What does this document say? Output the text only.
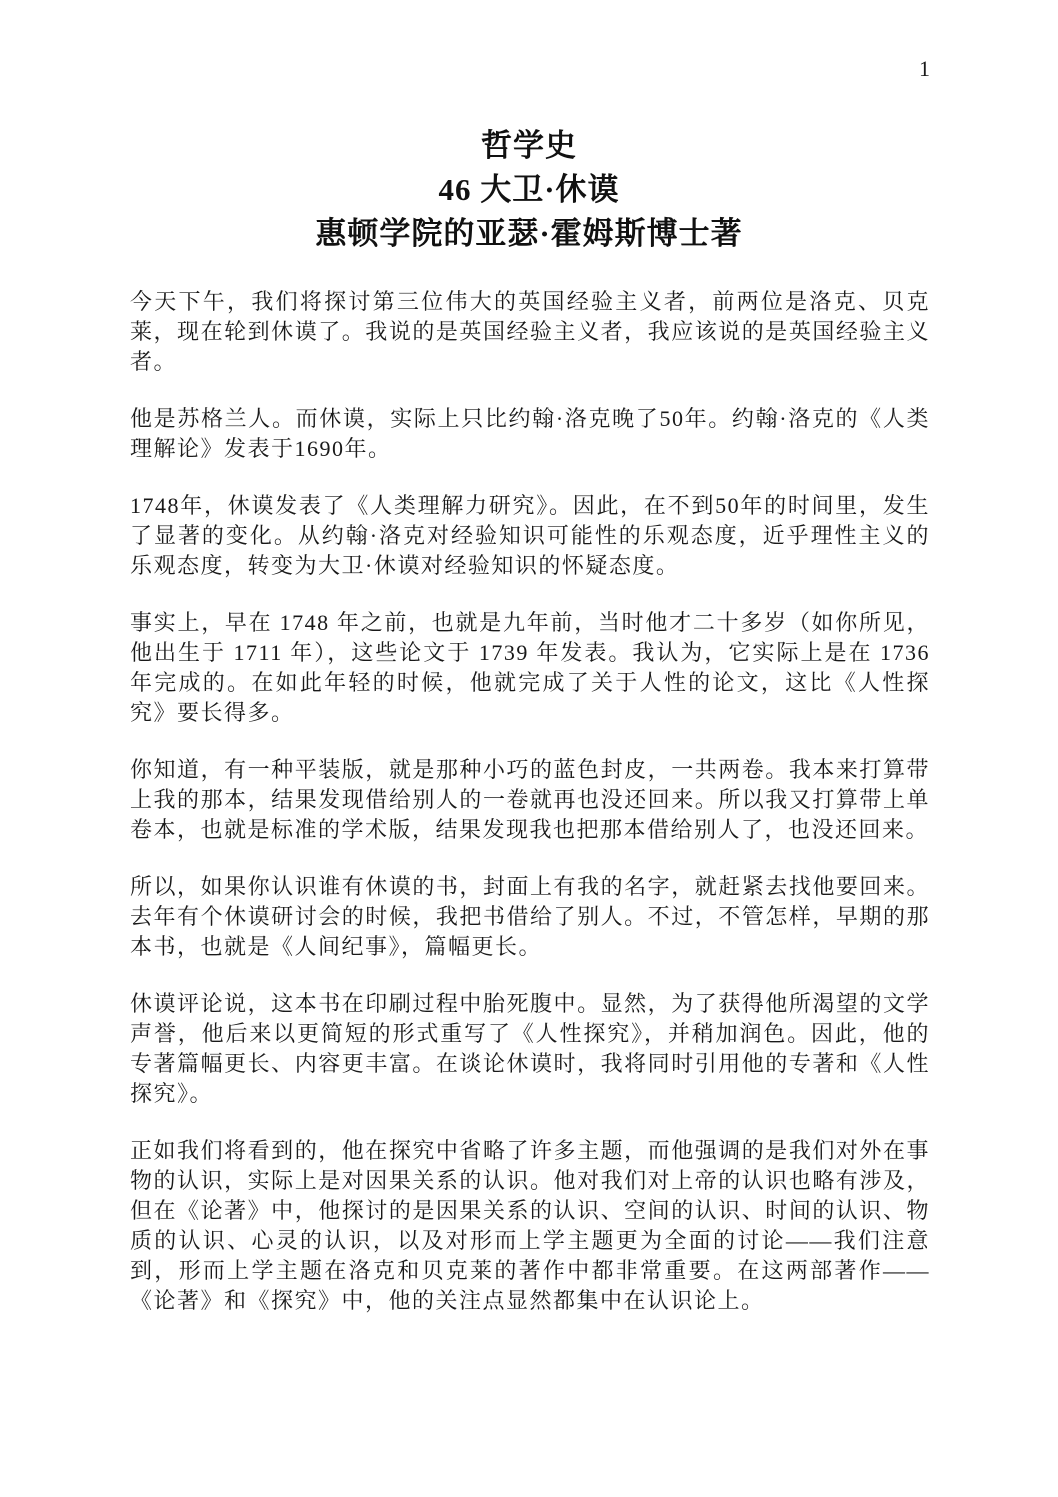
1
哲学史
46 大卫·休谟
惠顿学院的亚瑟·霍姆斯博士著

今天下午，我们将探讨第三位伟大的英国经验主义者，前两位是洛克、贝克莱，现在轮到休谟了。我说的是英国经验主义者，我应该说的是英国经验主义者。

他是苏格兰人。而休谟，实际上只比约翰·洛克晚了50年。约翰·洛克的《人类理解论》发表于1690年。

1748年，休谟发表了《人类理解力研究》。因此，在不到50年的时间里，发生了显著的变化。从约翰·洛克对经验知识可能性的乐观态度，近乎理性主义的乐观态度，转变为大卫·休谟对经验知识的怀疑态度。

事实上，早在 1748 年之前，也就是九年前，当时他才二十多岁（如你所见，他出生于 1711 年），这些论文于 1739 年发表。我认为，它实际上是在 1736 年完成的。在如此年轻的时候，他就完成了关于人性的论文，这比《人性探究》要长得多。

你知道，有一种平装版，就是那种小巧的蓝色封皮，一共两卷。我本来打算带上我的那本，结果发现借给别人的一卷就再也没还回来。所以我又打算带上单卷本，也就是标准的学术版，结果发现我也把那本借给别人了，也没还回来。

所以，如果你认识谁有休谟的书，封面上有我的名字，就赶紧去找他要回来。去年有个休谟研讨会的时候，我把书借给了别人。不过，不管怎样，早期的那本书，也就是《人间纪事》，篇幅更长。

休谟评论说，这本书在印刷过程中胎死腹中。显然，为了获得他所渴望的文学声誉，他后来以更简短的形式重写了《人性探究》，并稍加润色。因此，他的专著篇幅更长、内容更丰富。在谈论休谟时，我将同时引用他的专著和《人性探究》。

正如我们将看到的，他在探究中省略了许多主题，而他强调的是我们对外在事物的认识，实际上是对因果关系的认识。他对我们对上帝的认识也略有涉及，但在《论著》中，他探讨的是因果关系的认识、空间的认识、时间的认识、物质的认识、心灵的认识，以及对形而上学主题更为全面的讨论——我们注意到，形而上学主题在洛克和贝克莱的著作中都非常重要。在这两部著作——《论著》和《探究》中，他的关注点显然都集中在认识论上。
